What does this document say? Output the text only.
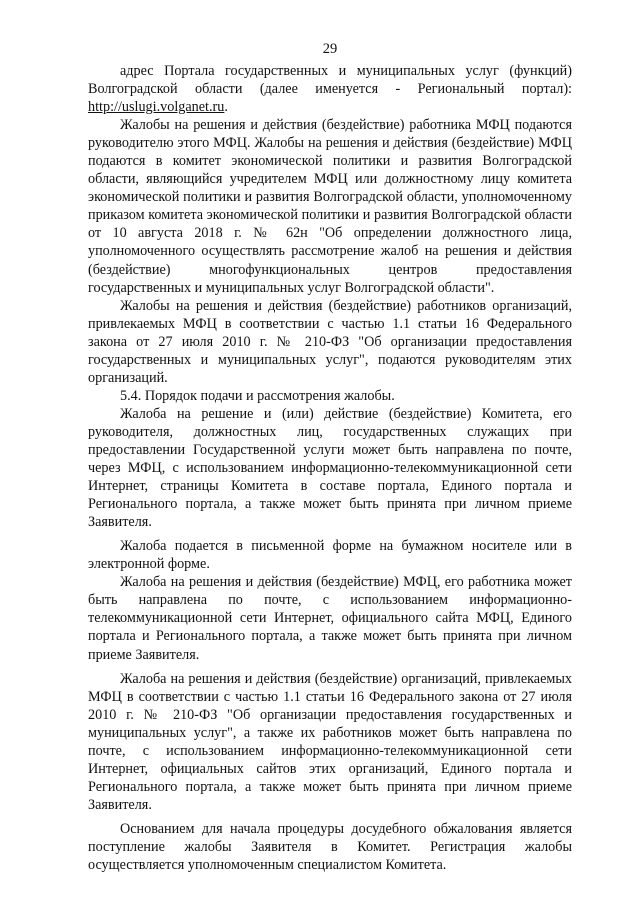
29

адрес Портала государственных и муниципальных услуг (функций) Волгоградской области (далее именуется - Региональный портал): http://uslugi.volganet.ru.

Жалобы на решения и действия (бездействие) работника МФЦ подаются руководителю этого МФЦ. Жалобы на решения и действия (бездействие) МФЦ подаются в комитет экономической политики и развития Волгоградской области, являющийся учредителем МФЦ или должностному лицу комитета экономической политики и развития Волгоградской области, уполномоченному приказом комитета экономической политики и развития Волгоградской области от 10 августа 2018 г. № 62н "Об определении должностного лица, уполномоченного осуществлять рассмотрение жалоб на решения и действия (бездействие) многофункциональных центров предоставления государственных и муниципальных услуг Волгоградской области".

Жалобы на решения и действия (бездействие) работников организаций, привлекаемых МФЦ в соответствии с частью 1.1 статьи 16 Федерального закона от 27 июля 2010 г. № 210-ФЗ "Об организации предоставления государственных и муниципальных услуг", подаются руководителям этих организаций.

5.4. Порядок подачи и рассмотрения жалобы.

Жалоба на решение и (или) действие (бездействие) Комитета, его руководителя, должностных лиц, государственных служащих при предоставлении Государственной услуги может быть направлена по почте, через МФЦ, с использованием информационно-телекоммуникационной сети Интернет, страницы Комитета в составе портала, Единого портала и Регионального портала, а также может быть принята при личном приеме Заявителя.

Жалоба подается в письменной форме на бумажном носителе или в электронной форме.

Жалоба на решения и действия (бездействие) МФЦ, его работника может быть направлена по почте, с использованием информационно-телекоммуникационной сети Интернет, официального сайта МФЦ, Единого портала и Регионального портала, а также может быть принята при личном приеме Заявителя.

Жалоба на решения и действия (бездействие) организаций, привлекаемых МФЦ в соответствии с частью 1.1 статьи 16 Федерального закона от 27 июля 2010 г. № 210-ФЗ "Об организации предоставления государственных и муниципальных услуг", а также их работников может быть направлена по почте, с использованием информационно-телекоммуникационной сети Интернет, официальных сайтов этих организаций, Единого портала и Регионального портала, а также может быть принята при личном приеме Заявителя.

Основанием для начала процедуры досудебного обжалования является поступление жалобы Заявителя в Комитет. Регистрация жалобы осуществляется уполномоченным специалистом Комитета.
